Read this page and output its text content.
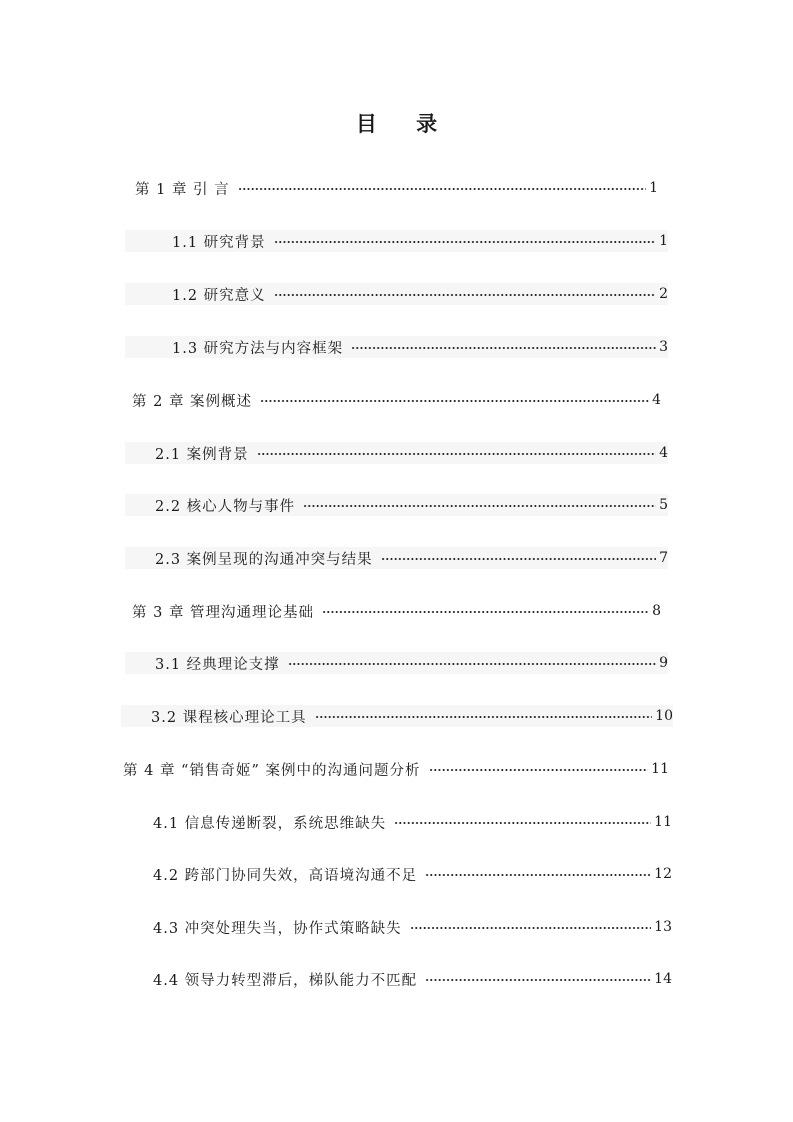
目 录
第 1 章 引 言	1
1.1 研究背景	1
1.2 研究意义	2
1.3 研究方法与内容框架	3
第 2 章 案例概述	4
2.1 案例背景	4
2.2 核心人物与事件	5
2.3 案例呈现的沟通冲突与结果	7
第 3 章 管理沟通理论基础	8
3.1 经典理论支撑	9
3.2 课程核心理论工具	10
第 4 章 “销售奇姬” 案例中的沟通问题分析	11
4.1 信息传递断裂，系统思维缺失	11
4.2 跨部门协同失效，高语境沟通不足	12
4.3 冲突处理失当，协作式策略缺失	13
4.4 领导力转型滞后，梯队能力不匹配	14
